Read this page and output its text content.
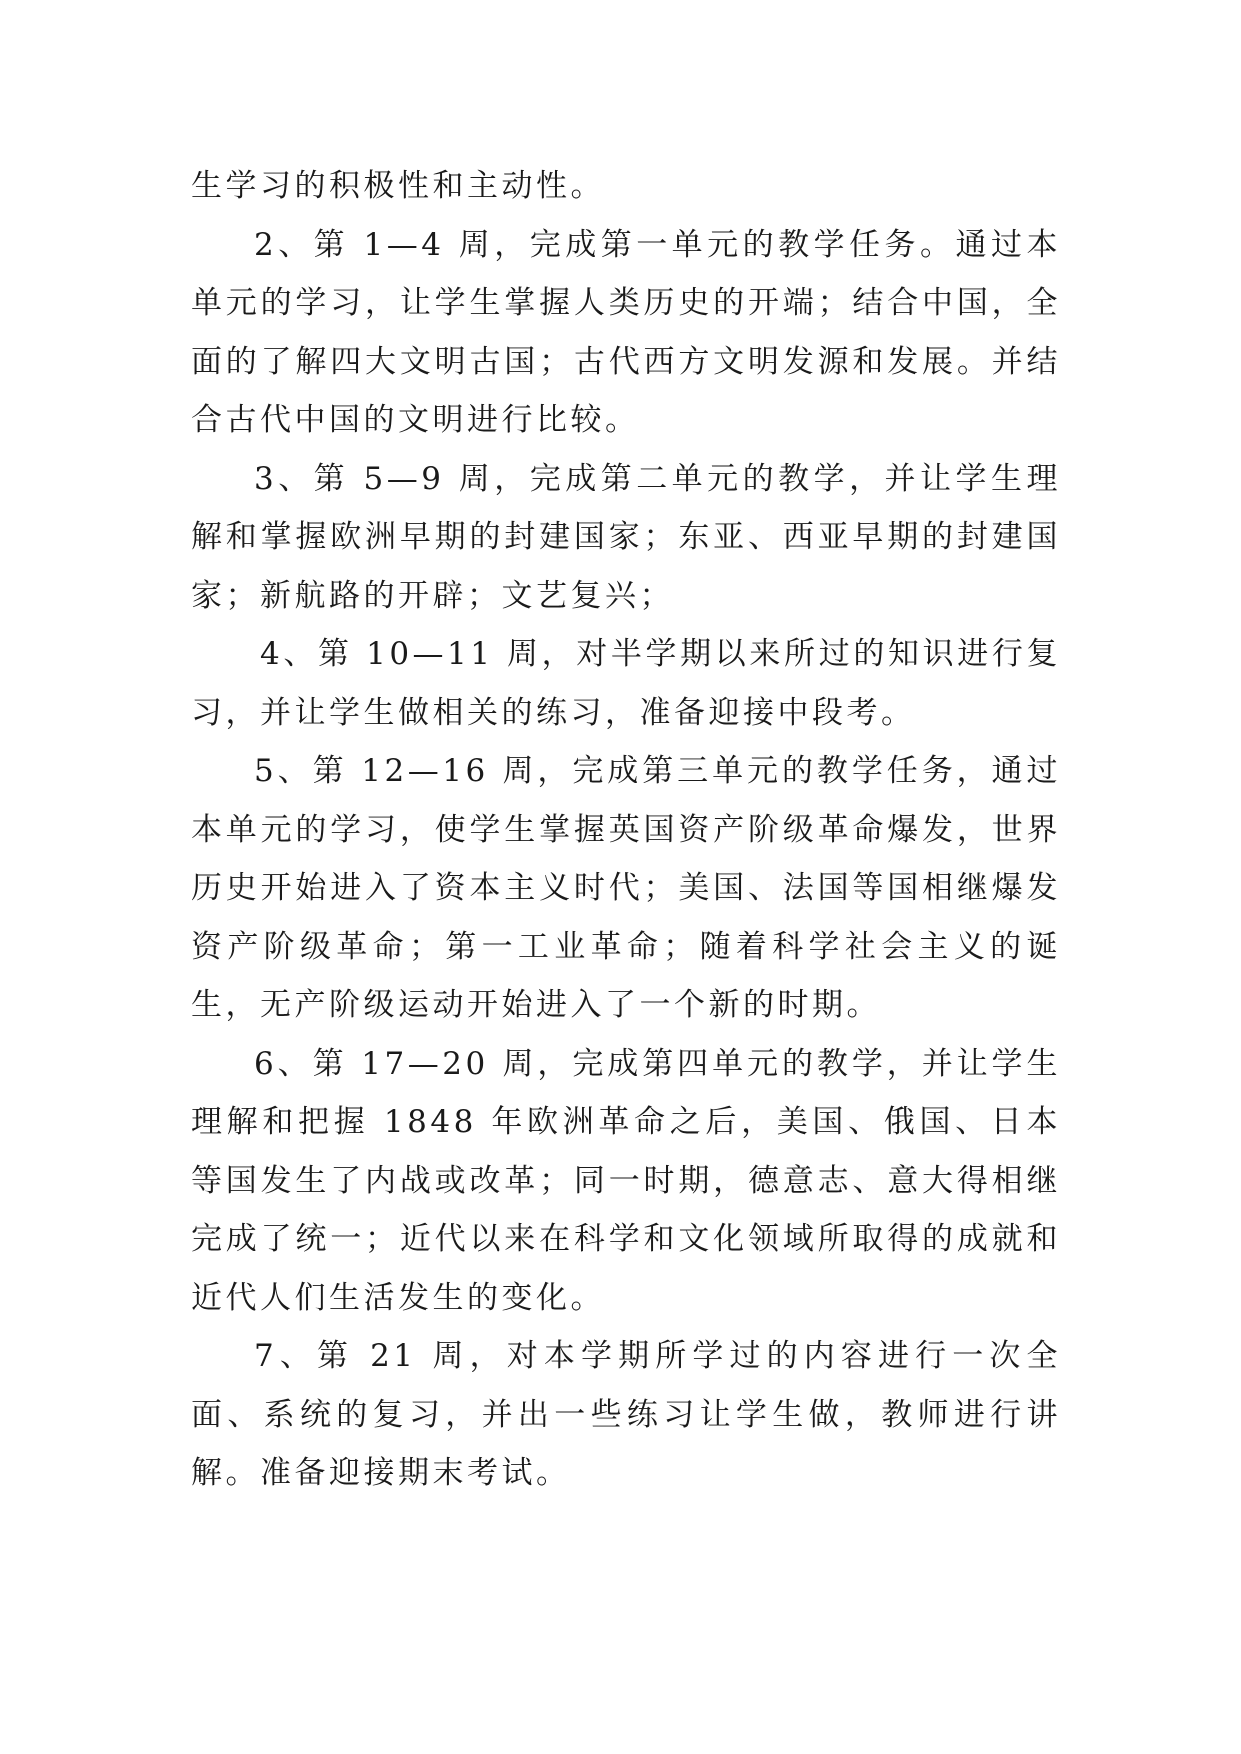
生学习的积极性和主动性。

2、第 1—4 周，完成第一单元的教学任务。通过本单元的学习，让学生掌握人类历史的开端；结合中国，全面的了解四大文明古国；古代西方文明发源和发展。并结合古代中国的文明进行比较。

3、第 5—9 周，完成第二单元的教学，并让学生理解和掌握欧洲早期的封建国家；东亚、西亚早期的封建国家；新航路的开辟；文艺复兴；

4、第 10—11 周，对半学期以来所过的知识进行复习，并让学生做相关的练习，准备迎接中段考。

5、第 12—16 周，完成第三单元的教学任务，通过本单元的学习，使学生掌握英国资产阶级革命爆发，世界历史开始进入了资本主义时代；美国、法国等国相继爆发资产阶级革命；第一工业革命；随着科学社会主义的诞生，无产阶级运动开始进入了一个新的时期。

6、第 17—20 周，完成第四单元的教学，并让学生理解和把握 1848 年欧洲革命之后，美国、俄国、日本等国发生了内战或改革；同一时期，德意志、意大得相继完成了统一；近代以来在科学和文化领域所取得的成就和近代人们生活发生的变化。

7、第 21 周，对本学期所学过的内容进行一次全面、系统的复习，并出一些练习让学生做，教师进行讲解。准备迎接期末考试。
